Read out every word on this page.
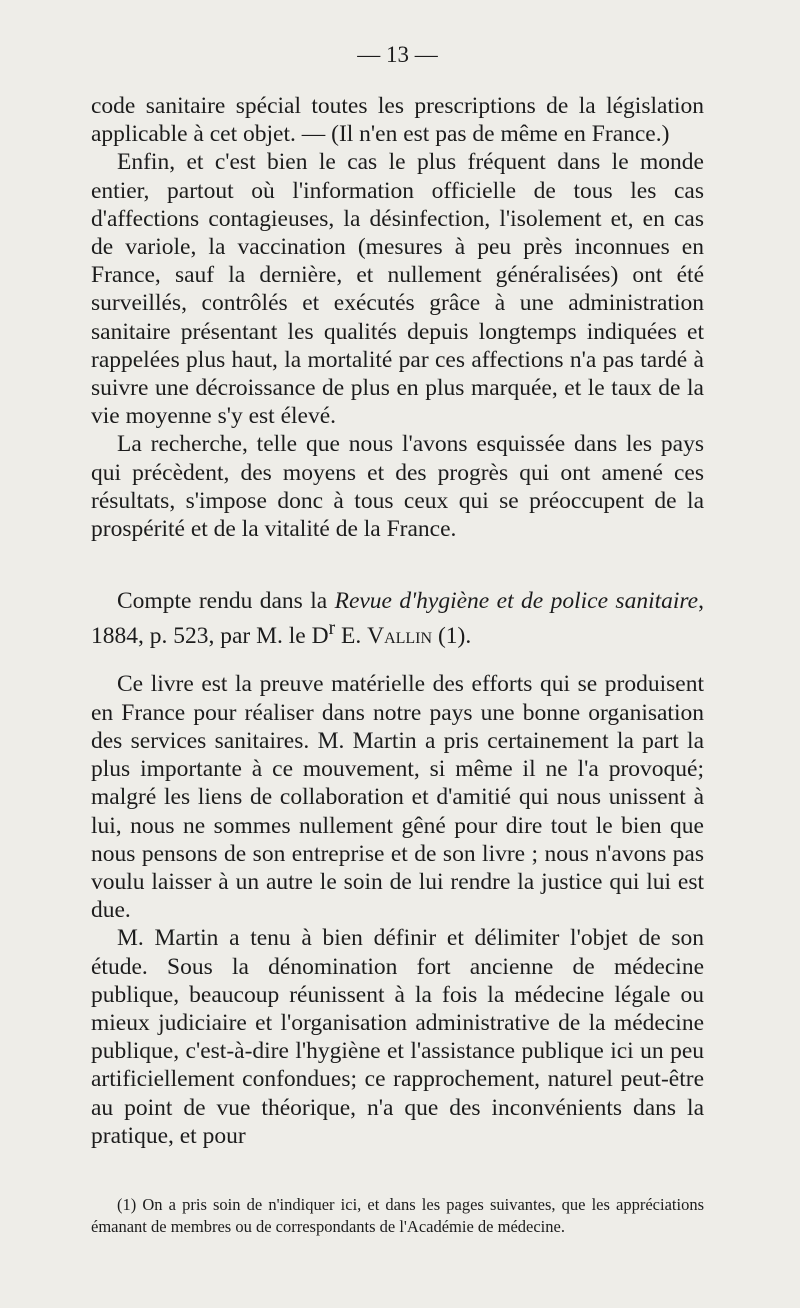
— 13 —

code sanitaire spécial toutes les prescriptions de la législation applicable à cet objet. — (Il n'en est pas de même en France.)

Enfin, et c'est bien le cas le plus fréquent dans le monde entier, partout où l'information officielle de tous les cas d'affections contagieuses, la désinfection, l'isolement et, en cas de variole, la vaccination (mesures à peu près inconnues en France, sauf la dernière, et nullement généralisées) ont été surveillés, contrôlés et exécutés grâce à une administration sanitaire présentant les qualités depuis longtemps indiquées et rappelées plus haut, la mortalité par ces affections n'a pas tardé à suivre une décroissance de plus en plus marquée, et le taux de la vie moyenne s'y est élevé.

La recherche, telle que nous l'avons esquissée dans les pays qui précèdent, des moyens et des progrès qui ont amené ces résultats, s'impose donc à tous ceux qui se préoccupent de la prospérité et de la vitalité de la France.

Compte rendu dans la Revue d'hygiène et de police sanitaire, 1884, p. 523, par M. le $D^r$ E. Vallin (1).

Ce livre est la preuve matérielle des efforts qui se produisent en France pour réaliser dans notre pays une bonne organisation des services sanitaires. M. Martin a pris certainement la part la plus importante à ce mouvement, si même il ne l'a provoqué; malgré les liens de collaboration et d'amitié qui nous unissent à lui, nous ne sommes nullement gêné pour dire tout le bien que nous pensons de son entreprise et de son livre ; nous n'avons pas voulu laisser à un autre le soin de lui rendre la justice qui lui est due.

M. Martin a tenu à bien définir et délimiter l'objet de son étude. Sous la dénomination fort ancienne de médecine publique, beaucoup réunissent à la fois la médecine légale ou mieux judiciaire et l'organisation administrative de la médecine publique, c'est-à-dire l'hygiène et l'assistance publique ici un peu artificiellement confondues; ce rapprochement, naturel peut-être au point de vue théorique, n'a que des inconvénients dans la pratique, et pour

(1) On a pris soin de n'indiquer ici, et dans les pages suivantes, que les appréciations émanant de membres ou de correspondants de l'Académie de médecine.
